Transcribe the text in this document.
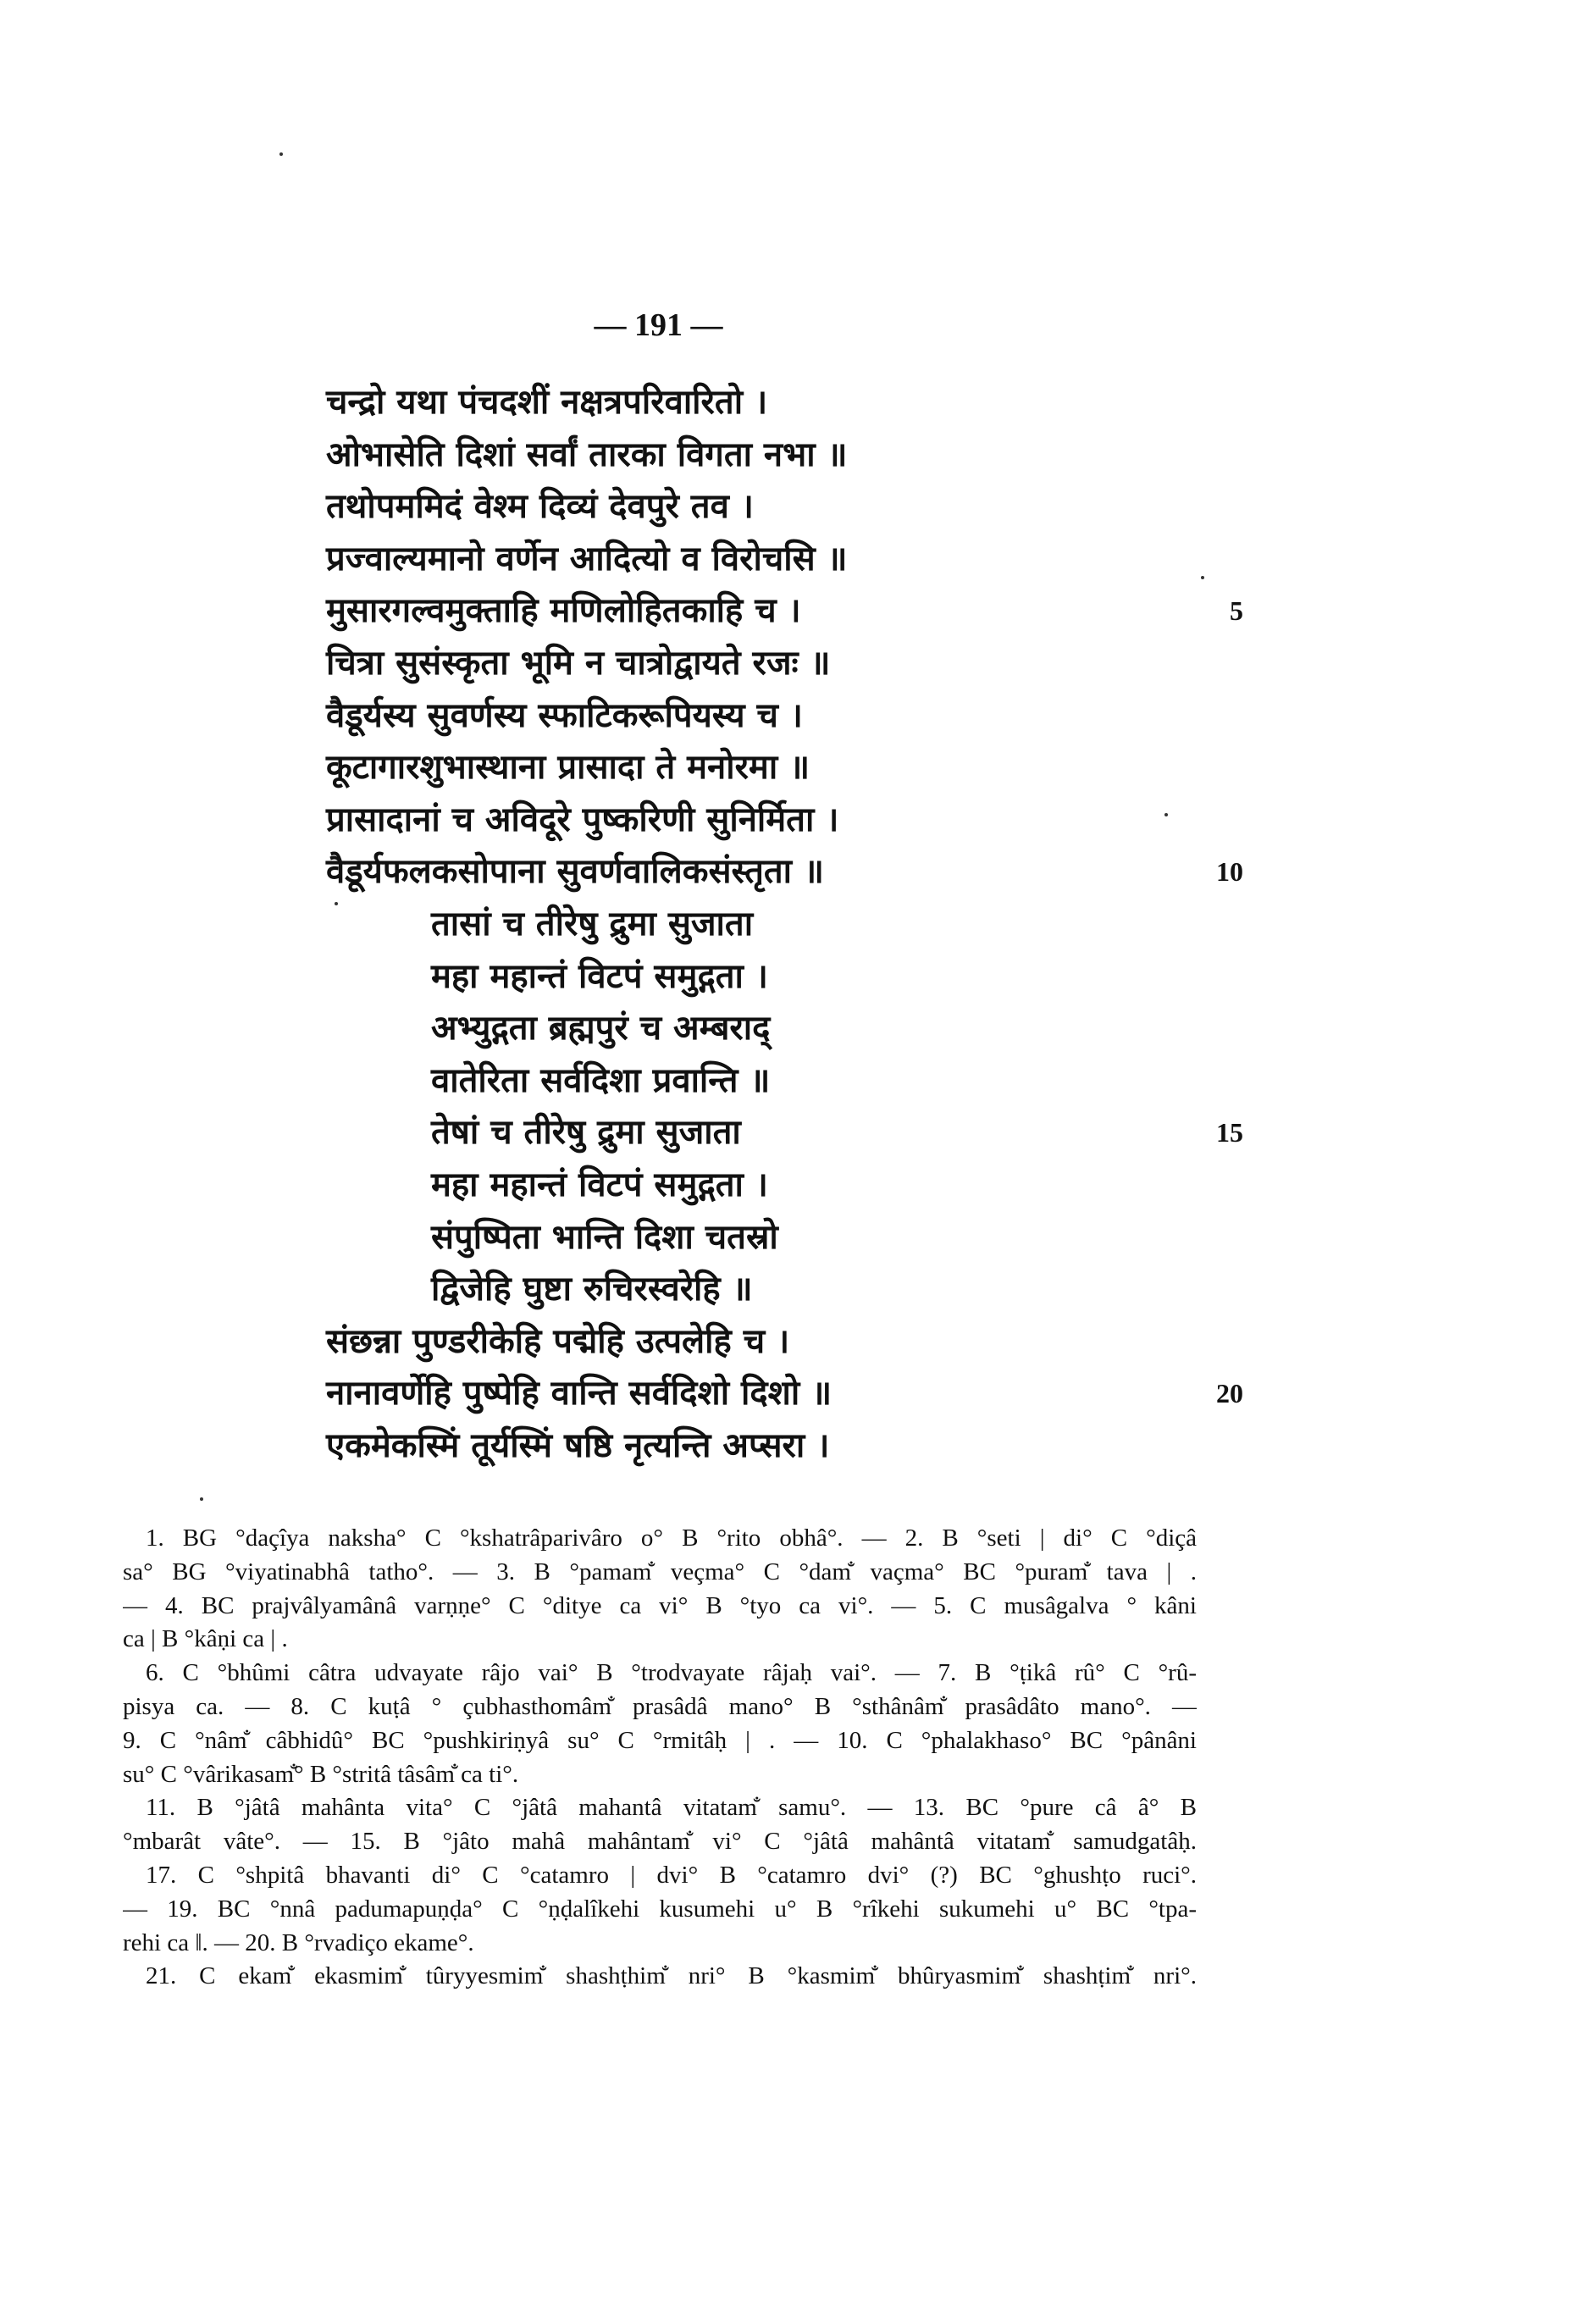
— 191 —
चन्द्रो यथा पंचदशीं नक्षत्रपरिवारितो ।
ओभासेति दिशां सर्वां तारका विगता नभा ॥
तथोपममिदं वेश्म दिव्यं देवपुरे तव ।
प्रज्वाल्यमानो वर्णेन आदित्यो व विरोचसि ॥
मुसारगल्वमुक्ताहि मणिलोहितकाहि च ।	5
चित्रा सुसंस्कृता भूमि न चात्रोद्वायते रजः ॥
वैडूर्यस्य सुवर्णस्य स्फाटिकरूपियस्य च ।
कूटागारशुभास्थाना प्रासादा ते मनोरमा ॥
प्रासादानां च अविदूरे पुष्करिणी सुनिर्मिता ।
वैडूर्यफलकसोपाना सुवर्णवालिकसंस्तृता ॥	10
तासां च तीरेषु द्रुमा सुजाता
महा महान्तं विटपं समुद्गता ।
अभ्युद्गता ब्रह्मपुरं च अम्बराद्
वातेरिता सर्वदिशा प्रवान्ति ॥
तेषां च तीरेषु द्रुमा सुजाता	15
महा महान्तं विटपं समुद्गता ।
संपुष्पिता भान्ति दिशा चतस्रो
द्विजेहि घुष्टा रुचिरस्वरेहि ॥
संछन्ना पुण्डरीकेहि पद्मेहि उत्पलेहि च ।
नानावर्णेहि पुष्पेहि वान्ति सर्वदिशो दिशो ॥	20
एकमेकस्मिं तूर्यस्मिं षष्ठि नृत्यन्ति अप्सरा ।
1. BG °daçîya naksha° C °kshatrâparivâro o° B °rito obhâ°. — 2. B °seti | di° C °diçâ
sa° BG °viyatinabhâ tatho°. — 3. B °pamam̐ veçma° C °dam̐ vaçma° BC °puram̐ tava | .
— 4. BC prajvâlyamânâ varṇṇe° C °ditye ca vi° B °tyo ca vi°. — 5. C musâgalva ° kâni
ca | B °kâṇi ca | .
6. C °bhûmi câtra udvayate râjo vai° B °trodvayate râjaḥ vai°. — 7. B °ṭikâ rû° C °rû-
pisya ca. — 8. C kuṭâ ° çubhasthomâm̐ prasâdâ mano° B °sthânâm̐ prasâdâto mano°. —
9. C °nâm̐ câbhidû° BC °pushkiriṇyâ su° C °rmitâḥ | . — 10. C °phalakhaso° BC °pânâni
su° C °vârikasam̐° B °stritâ tâsâm̐ ca ti°.
11. B °jâtâ mahânta vita° C °jâtâ mahantâ vitatam̐ samu°. — 13. BC °pure câ â° B
°mbarât vâte°. — 15. B °jâto mahâ mahântam̐ vi° C °jâtâ mahântâ vitatam̐ samudgatâḥ.
17. C °shpitâ bhavanti di° C °catamro | dvi° B °catamro dvi° (?) BC °ghushṭo ruci°.
— 19. BC °nnâ padumapuṇḍa° C °ṇḍalîkehi kusumehi u° B °rîkehi sukumehi u° BC °tpa-
rehi ca ‖. — 20. B °rvadiço ekame°.
21. C ekam̐ ekasmim̐ tûryyesmim̐ shashṭhim̐ nri° B °kasmim̐ bhûryasmim̐ shashṭim̐ nri°.
